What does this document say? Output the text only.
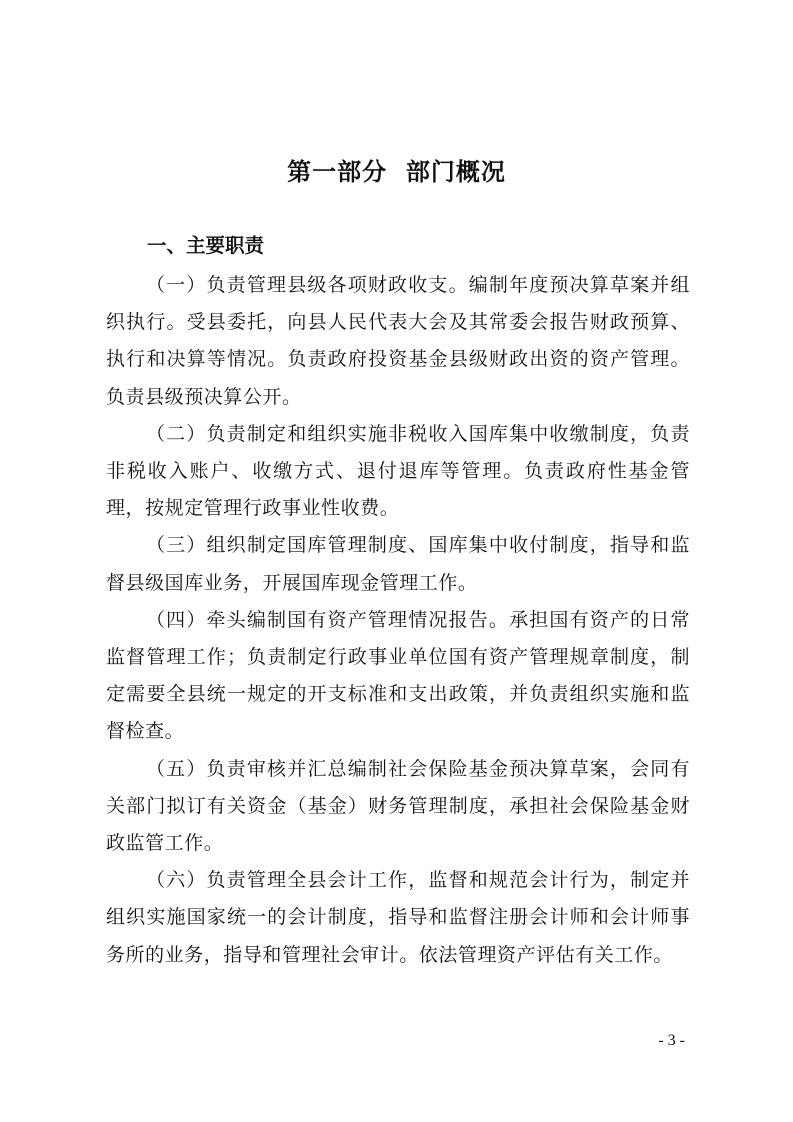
第一部分  部门概况
一、主要职责

（一）负责管理县级各项财政收支。编制年度预决算草案并组织执行。受县委托，向县人民代表大会及其常委会报告财政预算、执行和决算等情况。负责政府投资基金县级财政出资的资产管理。负责县级预决算公开。

（二）负责制定和组织实施非税收入国库集中收缴制度，负责非税收入账户、收缴方式、退付退库等管理。负责政府性基金管理，按规定管理行政事业性收费。

（三）组织制定国库管理制度、国库集中收付制度，指导和监督县级国库业务，开展国库现金管理工作。

（四）牵头编制国有资产管理情况报告。承担国有资产的日常监督管理工作；负责制定行政事业单位国有资产管理规章制度，制定需要全县统一规定的开支标准和支出政策，并负责组织实施和监督检查。

（五）负责审核并汇总编制社会保险基金预决算草案，会同有关部门拟订有关资金（基金）财务管理制度，承担社会保险基金财政监管工作。

（六）负责管理全县会计工作，监督和规范会计行为，制定并组织实施国家统一的会计制度，指导和监督注册会计师和会计师事务所的业务，指导和管理社会审计。依法管理资产评估有关工作。

- 3 -
